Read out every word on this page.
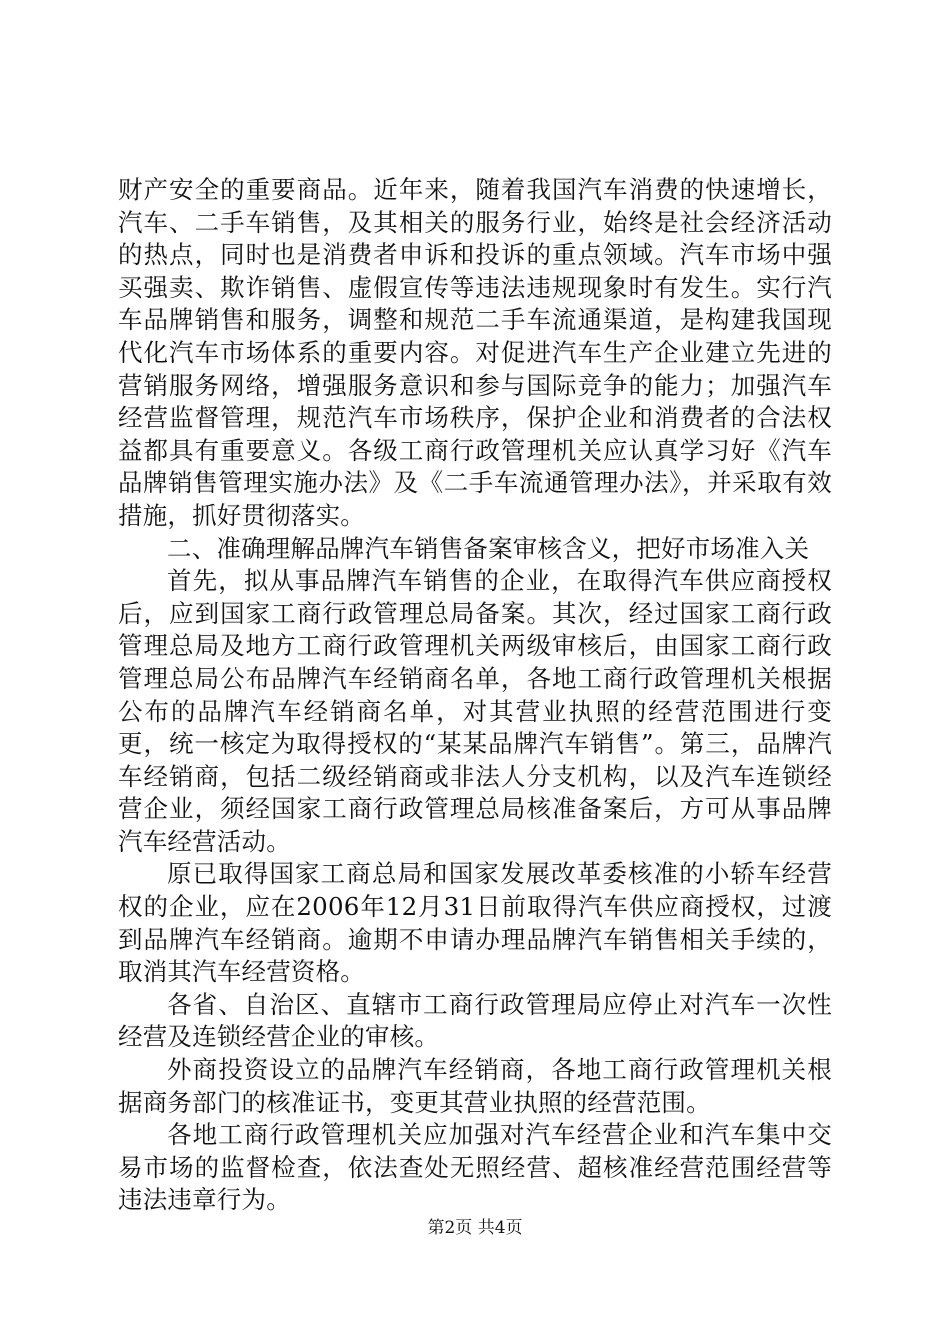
财产安全的重要商品。近年来，随着我国汽车消费的快速增长，汽车、二手车销售，及其相关的服务行业，始终是社会经济活动的热点，同时也是消费者申诉和投诉的重点领域。汽车市场中强买强卖、欺诈销售、虚假宣传等违法违规现象时有发生。实行汽车品牌销售和服务，调整和规范二手车流通渠道，是构建我国现代化汽车市场体系的重要内容。对促进汽车生产企业建立先进的营销服务网络，增强服务意识和参与国际竞争的能力；加强汽车经营监督管理，规范汽车市场秩序，保护企业和消费者的合法权益都具有重要意义。各级工商行政管理机关应认真学习好《汽车品牌销售管理实施办法》及《二手车流通管理办法》，并采取有效措施，抓好贯彻落实。

二、准确理解品牌汽车销售备案审核含义，把好市场准入关

首先，拟从事品牌汽车销售的企业，在取得汽车供应商授权后，应到国家工商行政管理总局备案。其次，经过国家工商行政管理总局及地方工商行政管理机关两级审核后，由国家工商行政管理总局公布品牌汽车经销商名单，各地工商行政管理机关根据公布的品牌汽车经销商名单，对其营业执照的经营范围进行变更，统一核定为取得授权的“某某品牌汽车销售”。第三，品牌汽车经销商，包括二级经销商或非法人分支机构，以及汽车连锁经营企业，须经国家工商行政管理总局核准备案后，方可从事品牌汽车经营活动。

原已取得国家工商总局和国家发展改革委核准的小轿车经营权的企业，应在2006年12月31日前取得汽车供应商授权，过渡到品牌汽车经销商。逾期不申请办理品牌汽车销售相关手续的，取消其汽车经营资格。

各省、自治区、直辖市工商行政管理局应停止对汽车一次性经营及连锁经营企业的审核。

外商投资设立的品牌汽车经销商，各地工商行政管理机关根据商务部门的核准证书，变更其营业执照的经营范围。

各地工商行政管理机关应加强对汽车经营企业和汽车集中交易市场的监督检查，依法查处无照经营、超核准经营范围经营等违法违章行为。

第2页 共4页
